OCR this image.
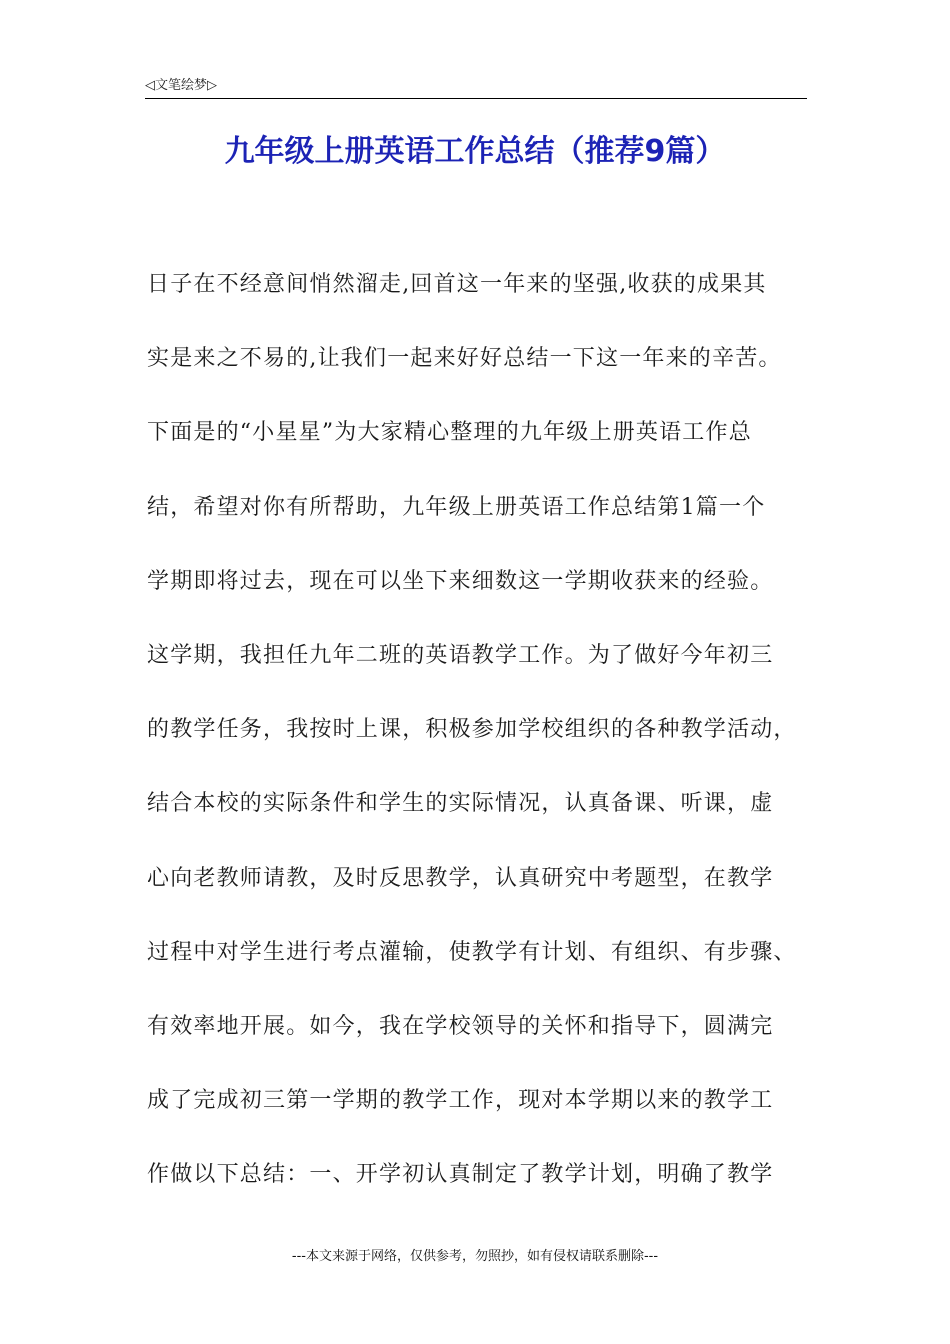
◁文笔绘梦▷
九年级上册英语工作总结（推荐9篇）
日子在不经意间悄然溜走,回首这一年来的坚强,收获的成果其
实是来之不易的,让我们一起来好好总结一下这一年来的辛苦。
下面是的“小星星”为大家精心整理的九年级上册英语工作总
结，希望对你有所帮助，九年级上册英语工作总结第1篇一个
学期即将过去，现在可以坐下来细数这一学期收获来的经验。
这学期，我担任九年二班的英语教学工作。为了做好今年初三
的教学任务，我按时上课，积极参加学校组织的各种教学活动，
结合本校的实际条件和学生的实际情况，认真备课、听课，虚
心向老教师请教，及时反思教学，认真研究中考题型，在教学
过程中对学生进行考点灌输，使教学有计划、有组织、有步骤、
有效率地开展。如今，我在学校领导的关怀和指导下，圆满完
成了完成初三第一学期的教学工作，现对本学期以来的教学工
作做以下总结：一、开学初认真制定了教学计划，明确了教学
---本文来源于网络，仅供参考，勿照抄，如有侵权请联系删除---
